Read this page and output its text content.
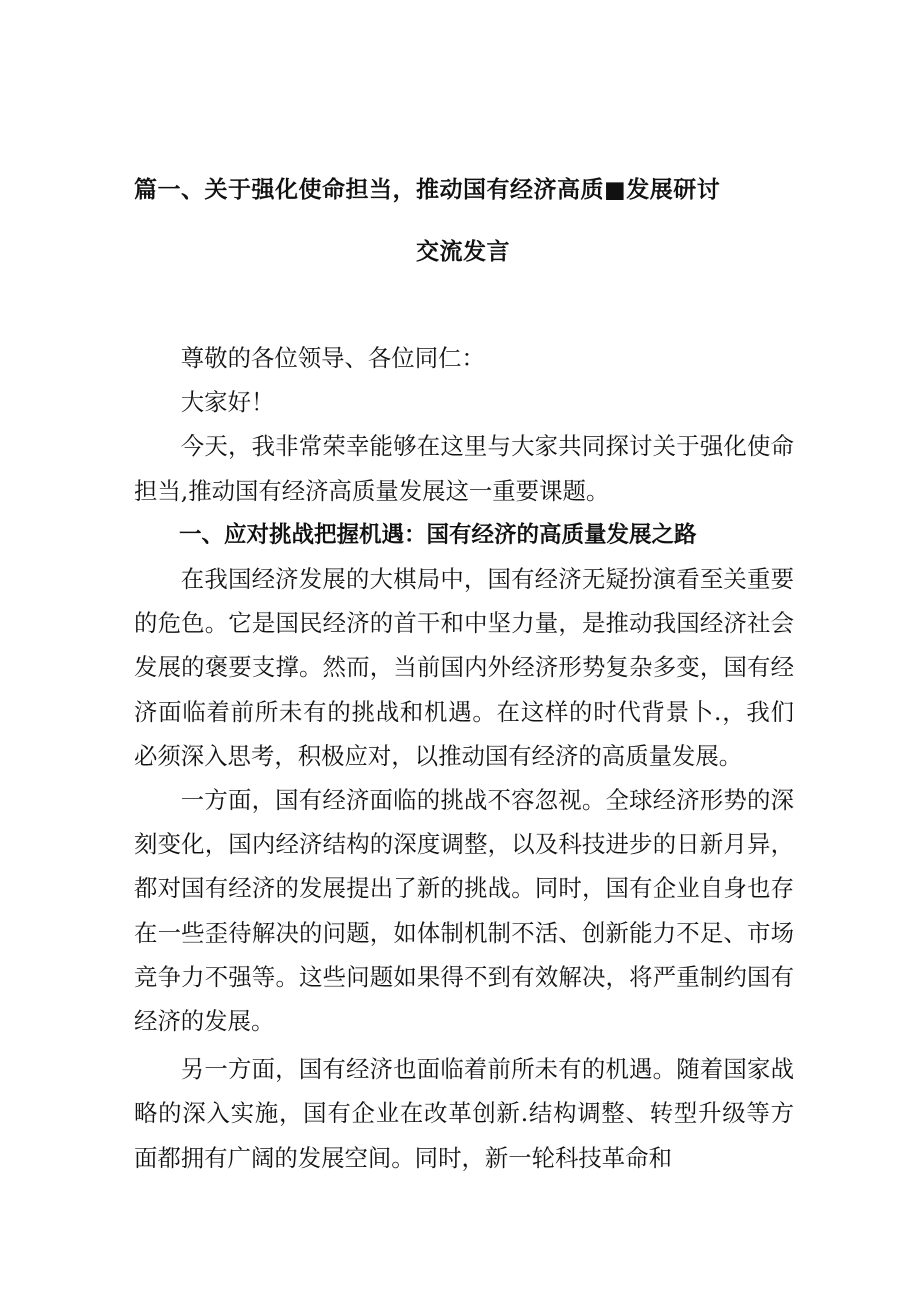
篇一、关于强化使命担当，推动国有经济高质■发展研讨
交流发言

尊敬的各位领导、各位同仁：

大家好！

今天，我非常荣幸能够在这里与大家共同探讨关于强化使命担当,推动国有经济高质量发展这一重要课题。

一、应对挑战把握机遇：国有经济的高质量发展之路

在我国经济发展的大棋局中，国有经济无疑扮演看至关重要的危色。它是国民经济的首干和中坚力量，是推动我国经济社会发展的褒要支撑。然而，当前国内外经济形势复杂多变，国有经济面临着前所未有的挑战和机遇。在这样的时代背景卜.，我们必须深入思考，积极应对，以推动国有经济的高质量发展。

一方面，国有经济面临的挑战不容忽视。全球经济形势的深刻变化，国内经济结构的深度调整，以及科技进步的日新月异，都对国有经济的发展提出了新的挑战。同时，国有企业自身也存在一些歪待解决的问题，如体制机制不活、创新能力不足、市场竞争力不强等。这些问题如果得不到有效解决，将严重制约国有经济的发展。

另一方面，国有经济也面临着前所未有的机遇。随着国家战略的深入实施，国有企业在改革创新.结构调整、转型升级等方面都拥有广阔的发展空间。同时，新一轮科技革命和
